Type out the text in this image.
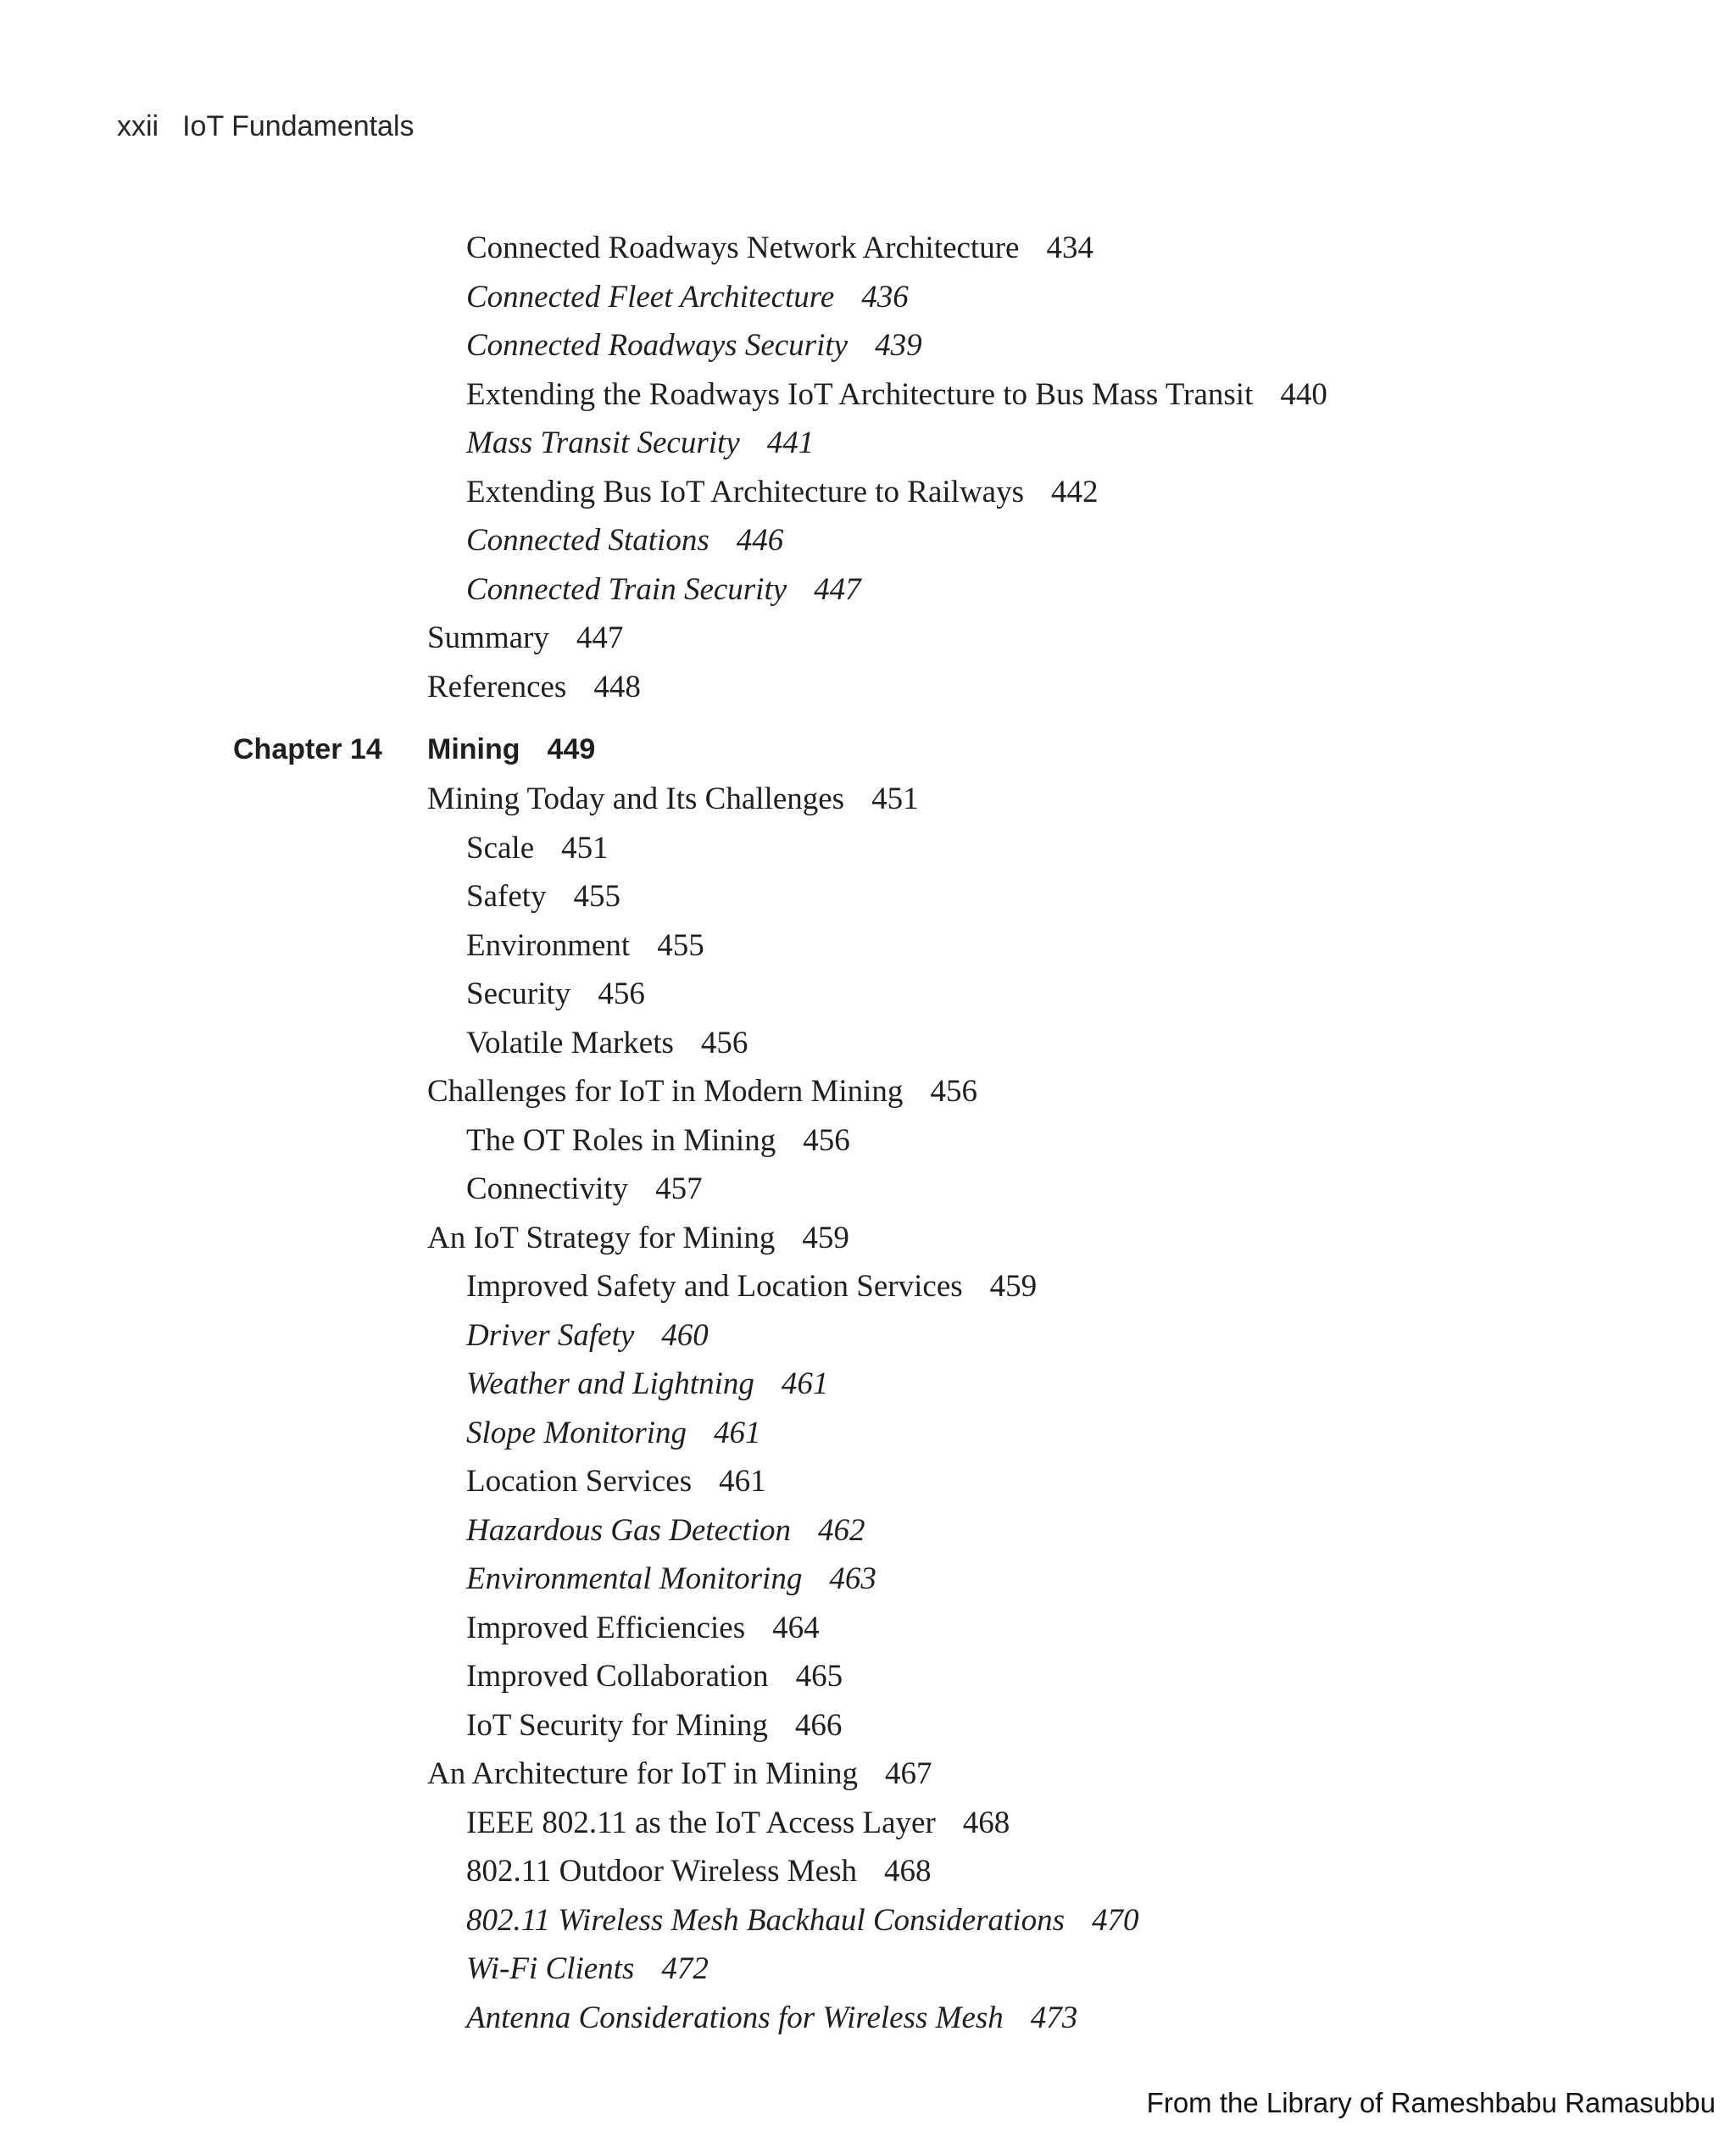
xxii IoT Fundamentals
Connected Roadways Network Architecture 434
Connected Fleet Architecture 436
Connected Roadways Security 439
Extending the Roadways IoT Architecture to Bus Mass Transit 440
Mass Transit Security 441
Extending Bus IoT Architecture to Railways 442
Connected Stations 446
Connected Train Security 447
Summary 447
References 448
Chapter 14 Mining 449
Mining Today and Its Challenges 451
Scale 451
Safety 455
Environment 455
Security 456
Volatile Markets 456
Challenges for IoT in Modern Mining 456
The OT Roles in Mining 456
Connectivity 457
An IoT Strategy for Mining 459
Improved Safety and Location Services 459
Driver Safety 460
Weather and Lightning 461
Slope Monitoring 461
Location Services 461
Hazardous Gas Detection 462
Environmental Monitoring 463
Improved Efficiencies 464
Improved Collaboration 465
IoT Security for Mining 466
An Architecture for IoT in Mining 467
IEEE 802.11 as the IoT Access Layer 468
802.11 Outdoor Wireless Mesh 468
802.11 Wireless Mesh Backhaul Considerations 470
Wi-Fi Clients 472
Antenna Considerations for Wireless Mesh 473
From the Library of Rameshbabu Ramasubbu
